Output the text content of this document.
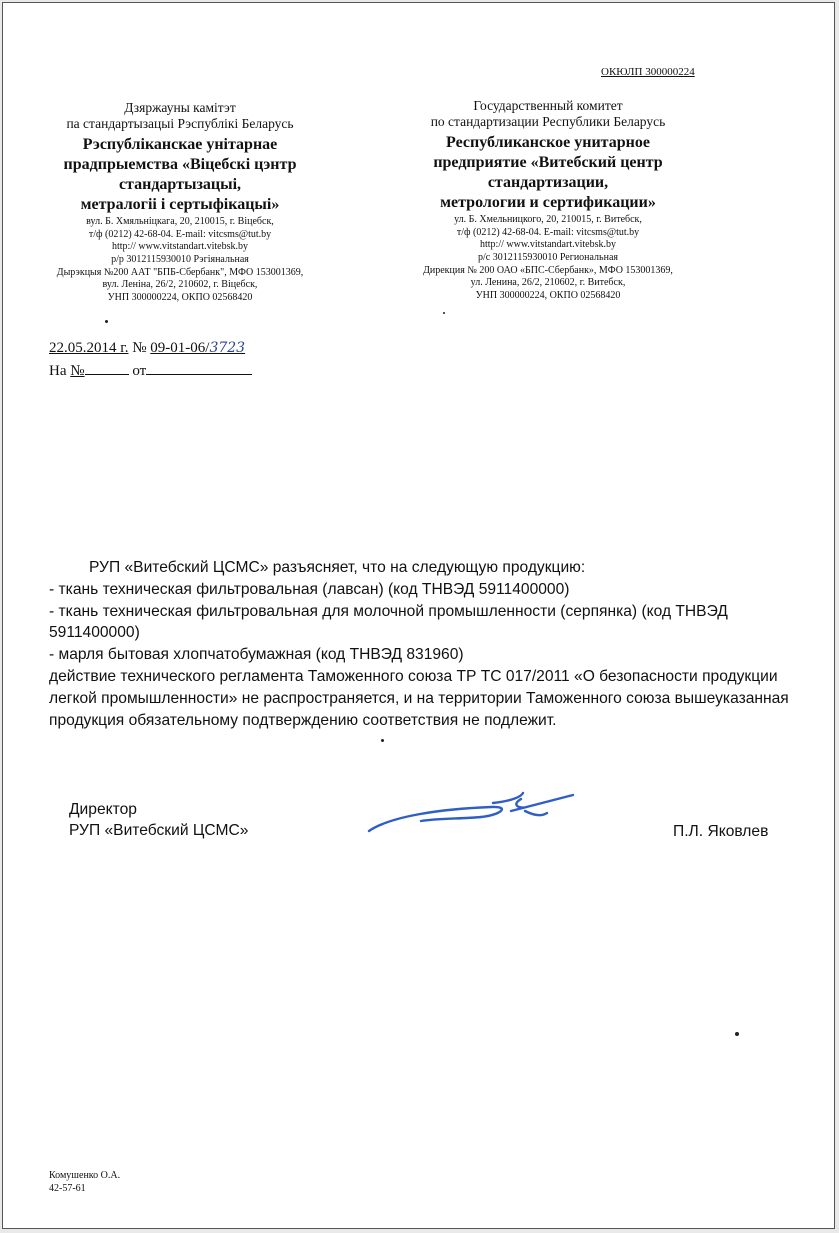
ОКЮЛП 300000224
Дзяржауны камітэт
па стандартызацыі Рэспублікі Беларусь
Рэспубліканскае унітарнае
прадпрыемства «Віцебскі цэнтр
стандартызацыі,
метралогіі і сертыфікацыі»
вул. Б. Хмяльніцкага, 20, 210015, г. Віцебск,
т/ф (0212) 42-68-04. E-mail: vitcsms@tut.by
http:// www.vitstandart.vitebsk.by
р/р 3012115930010 Рэгіянальная
Дырэкцыя №200 ААТ "БПБ-Сбербанк", МФО 153001369,
вул. Леніна, 26/2, 210602, г. Віцебск,
УНП 300000224, ОКПО 02568420
Государственный комитет
по стандартизации Республики Беларусь
Республиканское унитарное
предприятие «Витебский центр
стандартизации,
метрологии и сертификации»
ул. Б. Хмельницкого, 20, 210015, г. Витебск,
т/ф (0212) 42-68-04. E-mail: vitcsms@tut.by
http:// www.vitstandart.vitebsk.by
р/с 3012115930010 Региональная
Дирекция № 200 ОАО «БПС-Сбербанк», МФО 153001369,
ул. Ленина, 26/2, 210602, г. Витебск,
УНП 300000224, ОКПО 02568420
22.05.2014 г. № 09-01-06/3723
На №	от

РУП «Витебский ЦСМС» разъясняет, что на следующую продукцию:

- ткань техническая фильтровальная (лавсан) (код ТНВЭД 5911400000)

- ткань техническая фильтровальная для молочной промышленности (серпянка) (код ТНВЭД 5911400000)

- марля бытовая хлопчатобумажная (код ТНВЭД 831960)

действие технического регламента Таможенного союза ТР ТС 017/2011 «О безопасности продукции легкой промышленности» не распространяется, и на территории Таможенного союза вышеуказанная продукция обязательному подтверждению соответствия не подлежит.

Директор
РУП «Витебский ЦСМС»	П.Л. Яковлев
Комушенко О.А.
42-57-61
